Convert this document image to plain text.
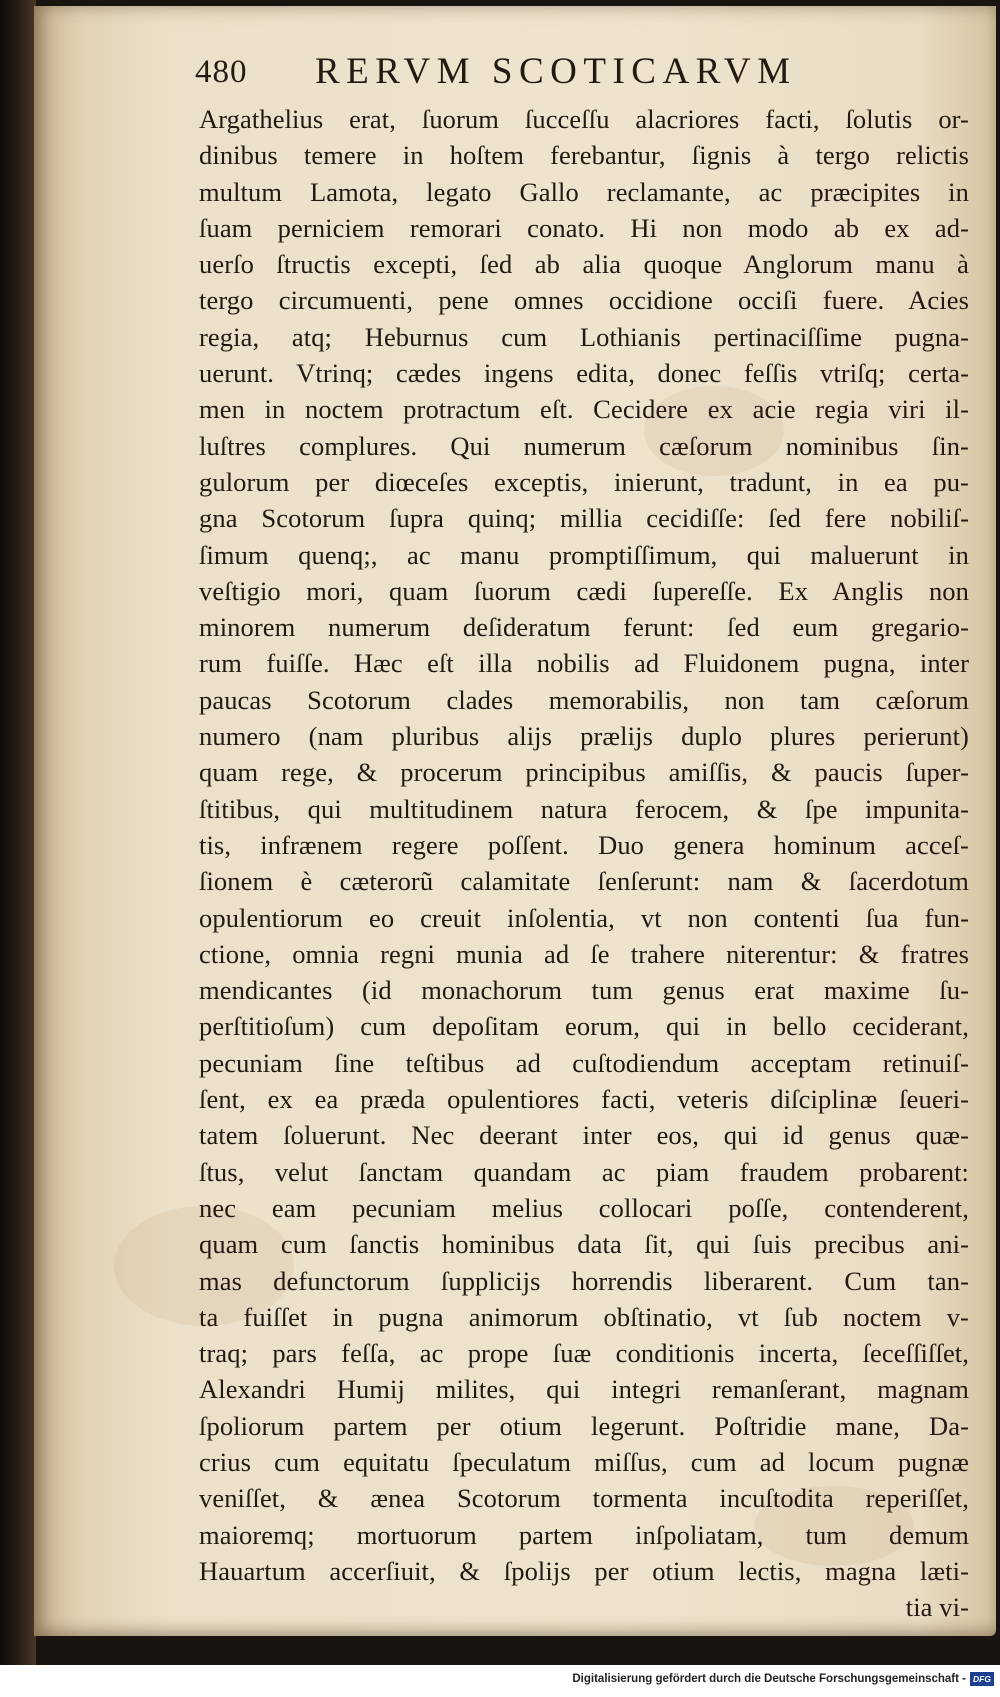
480 RERVM SCOTICARVM
Argathelius erat, ſuorum ſucceſſu alacriores facti, ſolutis or-
dinibus temere in hoſtem ferebantur, ſignis à tergo relictis
multum Lamota, legato Gallo reclamante, ac præcipites in
ſuam perniciem remorari conato. Hi non modo ab ex ad-
uerſo ſtructis excepti, ſed ab alia quoque Anglorum manu à
tergo circumuenti, pene omnes occidione occiſi fuere. Acies
regia, atq; Heburnus cum Lothianis pertinaciſſime pugna-
uerunt. Vtrinq; cædes ingens edita, donec feſſis vtriſq; certa-
men in noctem protractum eſt. Cecidere ex acie regia viri il-
luſtres complures. Qui numerum cæſorum nominibus ſin-
gulorum per diœceſes exceptis, inierunt, tradunt, in ea pu-
gna Scotorum ſupra quinq; millia cecidiſſe: ſed fere nobiliſ-
ſimum quenq;, ac manu promptiſſimum, qui maluerunt in
veſtigio mori, quam ſuorum cædi ſupereſſe. Ex Anglis non
minorem numerum deſideratum ferunt: ſed eum gregario-
rum fuiſſe. Hæc eſt illa nobilis ad Fluidonem pugna, inter
paucas Scotorum clades memorabilis, non tam cæſorum
numero (nam pluribus alijs prælijs duplo plures perierunt)
quam rege, & procerum principibus amiſſis, & paucis ſuper-
ſtitibus, qui multitudinem natura ferocem, & ſpe impunita-
tis, infrænem regere poſſent. Duo genera hominum acceſ-
ſionem è cæterorũ calamitate ſenſerunt: nam & ſacerdotum
opulentiorum eo creuit inſolentia, vt non contenti ſua fun-
ctione, omnia regni munia ad ſe trahere niterentur: & fratres
mendicantes (id monachorum tum genus erat maxime ſu-
perſtitioſum) cum depoſitam eorum, qui in bello ceciderant,
pecuniam ſine teſtibus ad cuſtodiendum acceptam retinuiſ-
ſent, ex ea præda opulentiores facti, veteris diſciplinæ ſeueri-
tatem ſoluerunt. Nec deerant inter eos, qui id genus quæ-
ſtus, velut ſanctam quandam ac piam fraudem probarent:
nec eam pecuniam melius collocari poſſe, contenderent,
quam cum ſanctis hominibus data ſit, qui ſuis precibus ani-
mas defunctorum ſupplicijs horrendis liberarent. Cum tan-
ta fuiſſet in pugna animorum obſtinatio, vt ſub noctem v-
traq; pars feſſa, ac prope ſuæ conditionis incerta, ſeceſſiſſet,
Alexandri Humij milites, qui integri remanſerant, magnam
ſpoliorum partem per otium legerunt. Poſtridie mane, Da-
crius cum equitatu ſpeculatum miſſus, cum ad locum pugnæ
veniſſet, & ænea Scotorum tormenta incuſtodita reperiſſet,
maioremq; mortuorum partem inſpoliatam, tum demum
Hauartum accerſiuit, & ſpolijs per otium lectis, magna læti-
tia vi-
Digitalisierung gefördert durch die Deutsche Forschungsgemeinschaft - DFG
